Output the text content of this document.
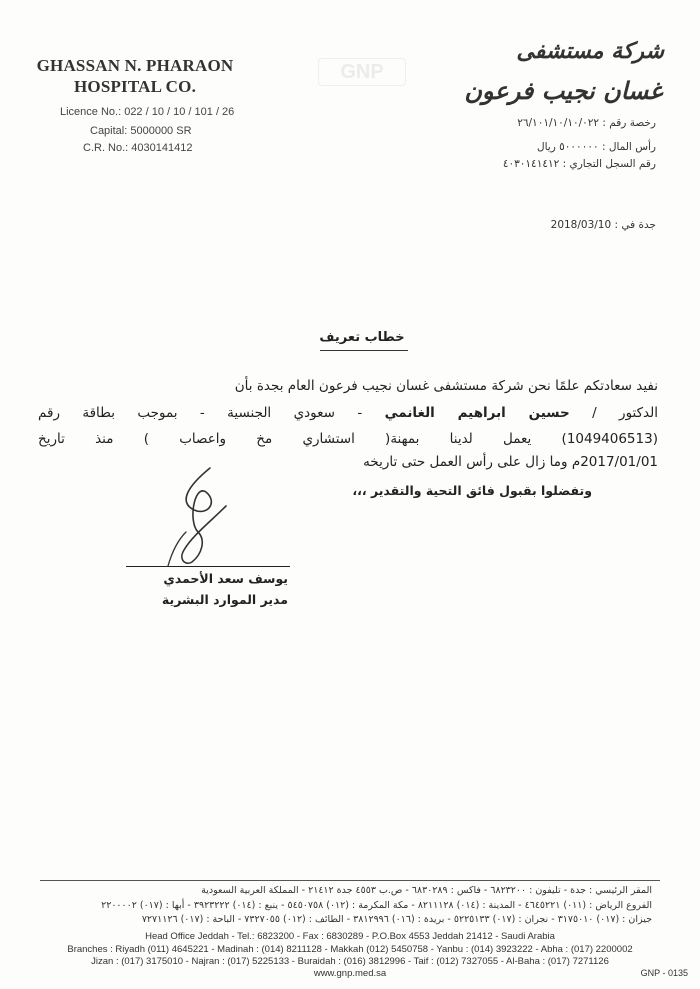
GHASSAN N. PHARAON
HOSPITAL CO.
Licence No.: 022 / 10 / 10 / 101 / 26
Capital: 5000000 SR
C.R. No.: 4030141412
GNP
شركة مستشفى
غسان نجيب فرعون
رخصة رقم : ٢٦/١٠١/١٠/١٠/٠٢٢
رأس المال : ٥٠٠٠٠٠٠ ريال
رقم السجل التجاري : ٤٠٣٠١٤١٤١٢
جدة في : 2018/03/10
خطاب تعريف
نفيد سعادتكم علمًا نحن شركة مستشفى غسان نجيب فرعون العام بجدة بأن
الدكتور / حسين ابراهيم الغانمي - سعودي الجنسية - بموجب بطاقة رقم
(1049406513) يعمل لدينا بمهنة( استشاري مخ واعصاب ) منذ تاريخ
2017/01/01م وما زال على رأس العمل حتى تاريخه
وتفضلوا بقبول فائق التحية والتقدير ،،،
يوسف سعد الأحمدي
مدير الموارد البشرية
المقر الرئيسي : جدة - تليفون : ٦٨٢٣٢٠٠ - فاكس : ٦٨٣٠٢٨٩ - ص.ب ٤٥٥٣ جدة ٢١٤١٢ - المملكة العربية السعودية
الفروع الرياض : (٠١١) ٤٦٤٥٢٢١ - المدينة : (٠١٤) ٨٢١١١٢٨ - مكة المكرمة : (٠١٢) ٥٤٥٠٧٥٨ - ينبع : (٠١٤) ٣٩٢٣٢٢٢ - أبها : (٠١٧) ٢٢٠٠٠٠٢
جيزان : (٠١٧) ٣١٧٥٠١٠ - نجران : (٠١٧) ٥٢٢٥١٣٣ - بريدة : (٠١٦) ٣٨١٢٩٩٦ - الطائف : (٠١٢) ٧٣٢٧٠٥٥ - الباحة : (٠١٧) ٧٢٧١١٢٦
Head Office Jeddah - Tel.: 6823200 - Fax : 6830289 - P.O.Box 4553 Jeddah 21412 - Saudi Arabia
Branches : Riyadh (011) 4645221 - Madinah : (014) 8211128 - Makkah (012) 5450758 - Yanbu : (014) 3923222 - Abha : (017) 2200002
Jizan : (017) 3175010 - Najran : (017) 5225133 - Buraidah : (016) 3812996 - Taif : (012) 7327055 - Al-Baha : (017) 7271126
www.gnp.med.sa	GNP - 0135
